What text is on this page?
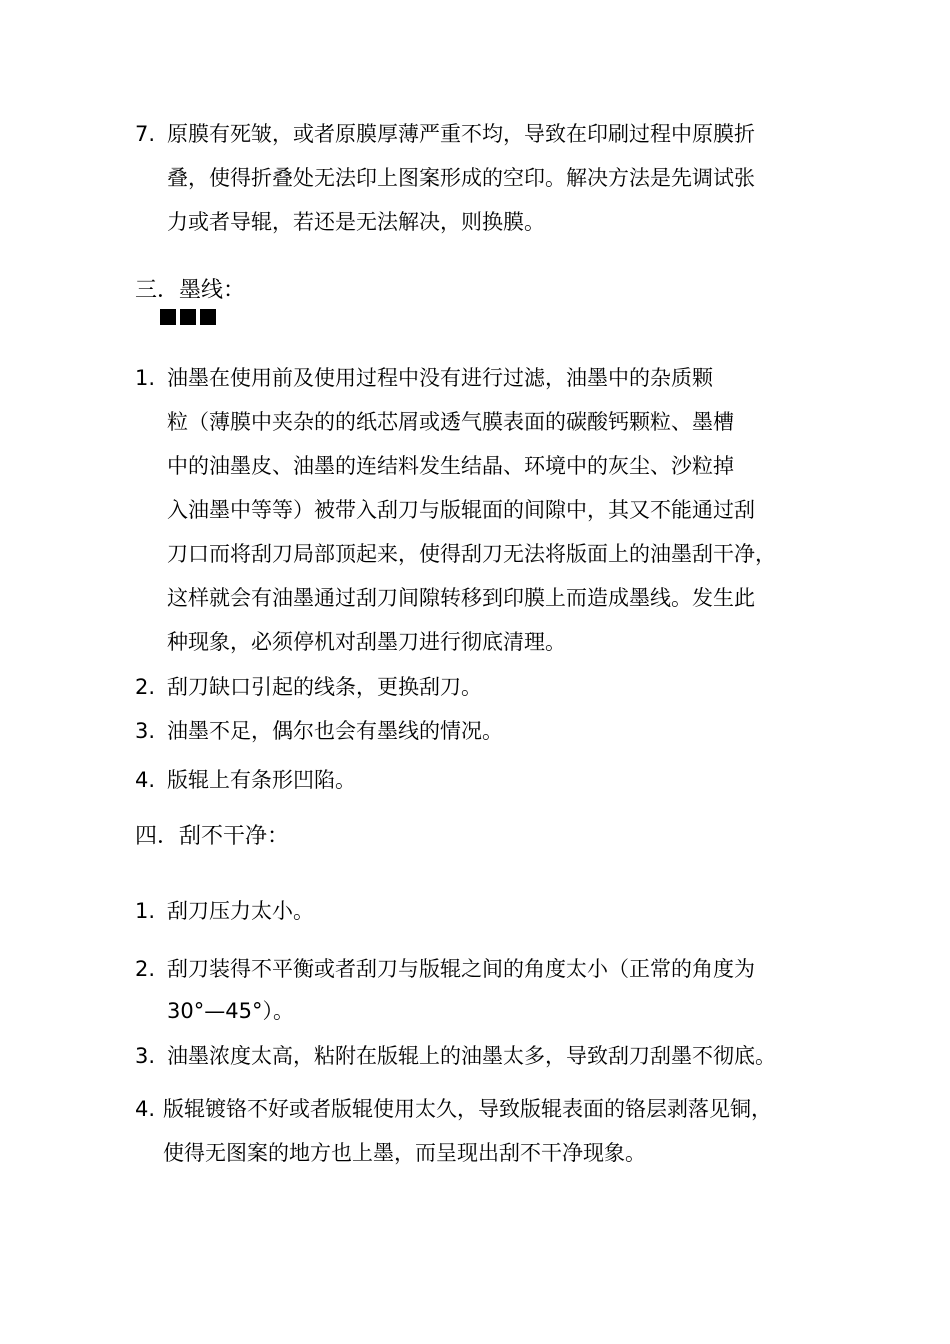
7. 原膜有死皱，或者原膜厚薄严重不均，导致在印刷过程中原膜折
叠，使得折叠处无法印上图案形成的空印。解决方法是先调试张
力或者导辊，若还是无法解决，则换膜。
三．墨线：
1. 油墨在使用前及使用过程中没有进行过滤，油墨中的杂质颗
粒（薄膜中夹杂的的纸芯屑或透气膜表面的碳酸钙颗粒、墨槽
中的油墨皮、油墨的连结料发生结晶、环境中的灰尘、沙粒掉
入油墨中等等）被带入刮刀与版辊面的间隙中，其又不能通过刮
刀口而将刮刀局部顶起来，使得刮刀无法将版面上的油墨刮干净，
这样就会有油墨通过刮刀间隙转移到印膜上而造成墨线。发生此
种现象，必须停机对刮墨刀进行彻底清理。
2. 刮刀缺口引起的线条，更换刮刀。
3. 油墨不足，偶尔也会有墨线的情况。
4. 版辊上有条形凹陷。
四．刮不干净：
1. 刮刀压力太小。
2. 刮刀装得不平衡或者刮刀与版辊之间的角度太小（正常的角度为
30°—45°）。
3. 油墨浓度太高，粘附在版辊上的油墨太多，导致刮刀刮墨不彻底。
4. 版辊镀铬不好或者版辊使用太久，导致版辊表面的铬层剥落见铜，
使得无图案的地方也上墨，而呈现出刮不干净现象。
